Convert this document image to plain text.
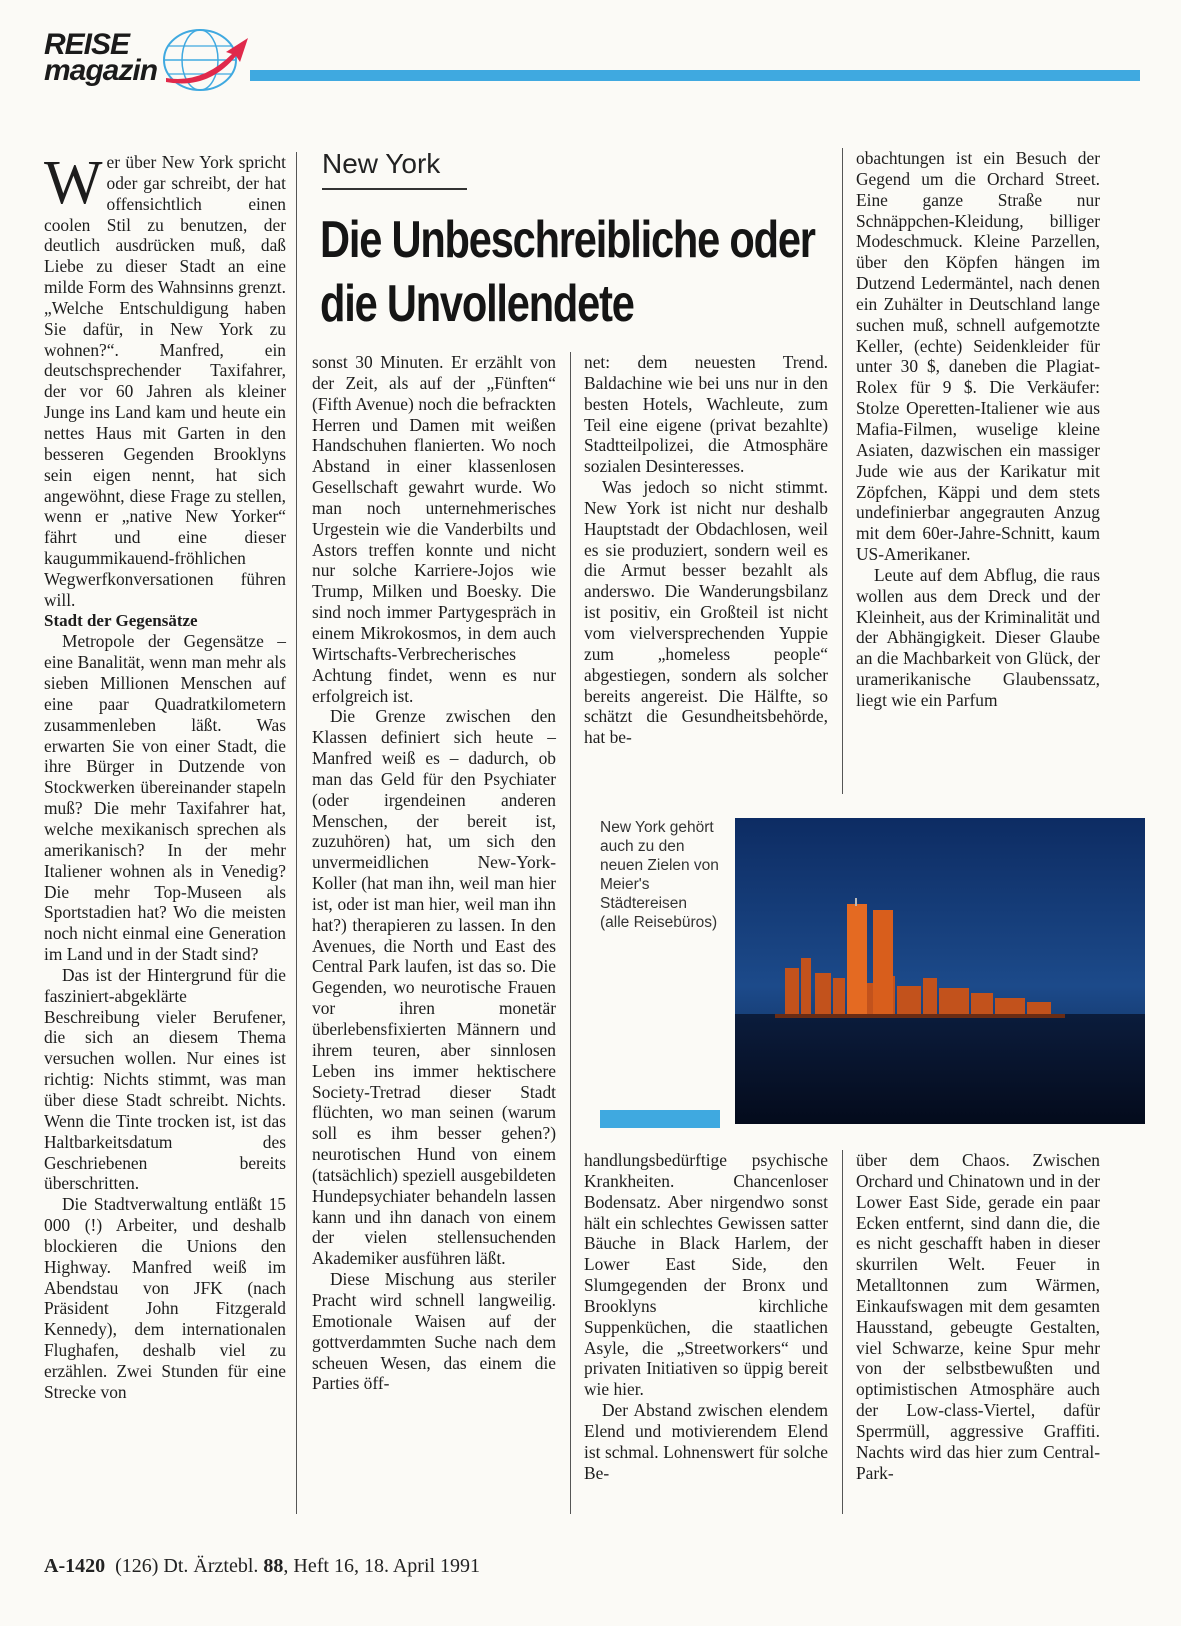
REISE
magazin

Wer über New York spricht oder gar schreibt, der hat offensichtlich einen coolen Stil zu benutzen, der deutlich ausdrücken muß, daß Liebe zu dieser Stadt an eine milde Form des Wahnsinns grenzt. „Welche Entschuldigung haben Sie dafür, in New York zu wohnen?“. Manfred, ein deutschsprechender Taxifahrer, der vor 60 Jahren als kleiner Junge ins Land kam und heute ein nettes Haus mit Garten in den besseren Gegenden Brooklyns sein eigen nennt, hat sich angewöhnt, diese Frage zu stellen, wenn er „native New Yorker“ fährt und eine dieser kaugummikauend-fröhlichen Wegwerfkonversationen führen will.

Stadt der Gegensätze

Metropole der Gegensätze – eine Banalität, wenn man mehr als sieben Millionen Menschen auf eine paar Quadratkilometern zusammenleben läßt. Was erwarten Sie von einer Stadt, die ihre Bürger in Dutzende von Stockwerken übereinander stapeln muß? Die mehr Taxifahrer hat, welche mexikanisch sprechen als amerikanisch? In der mehr Italiener wohnen als in Venedig? Die mehr Top-Museen als Sportstadien hat? Wo die meisten noch nicht einmal eine Generation im Land und in der Stadt sind?

Das ist der Hintergrund für die fasziniert-abgeklärte Beschreibung vieler Berufener, die sich an diesem Thema versuchen wollen. Nur eines ist richtig: Nichts stimmt, was man über diese Stadt schreibt. Nichts. Wenn die Tinte trocken ist, ist das Haltbarkeitsdatum des Geschriebenen bereits überschritten.

Die Stadtverwaltung entläßt 15 000 (!) Arbeiter, und deshalb blockieren die Unions den Highway. Manfred weiß im Abendstau von JFK (nach Präsident John Fitzgerald Kennedy), dem internationalen Flughafen, deshalb viel zu erzählen. Zwei Stunden für eine Strecke von

New York
Die Unbeschreibliche oder die Unvollendete

sonst 30 Minuten. Er erzählt von der Zeit, als auf der „Fünften“ (Fifth Avenue) noch die befrackten Herren und Damen mit weißen Handschuhen flanierten. Wo noch Abstand in einer klassenlosen Gesellschaft gewahrt wurde. Wo man noch unternehmerisches Urgestein wie die Vanderbilts und Astors treffen konnte und nicht nur solche Karriere-Jojos wie Trump, Milken und Boesky. Die sind noch immer Partygespräch in einem Mikrokosmos, in dem auch Wirtschafts-Verbrecherisches Achtung findet, wenn es nur erfolgreich ist.

Die Grenze zwischen den Klassen definiert sich heute – Manfred weiß es – dadurch, ob man das Geld für den Psychiater (oder irgendeinen anderen Menschen, der bereit ist, zuzuhören) hat, um sich den unvermeidlichen New-York-Koller (hat man ihn, weil man hier ist, oder ist man hier, weil man ihn hat?) therapieren zu lassen. In den Avenues, die North und East des Central Park laufen, ist das so. Die Gegenden, wo neurotische Frauen vor ihren monetär überlebensfixierten Männern und ihrem teuren, aber sinnlosen Leben ins immer hektischere Society-Tretrad dieser Stadt flüchten, wo man seinen (warum soll es ihm besser gehen?) neurotischen Hund von einem (tatsächlich) speziell ausgebildeten Hundepsychiater behandeln lassen kann und ihn danach von einem der vielen stellensuchenden Akademiker ausführen läßt.

Diese Mischung aus steriler Pracht wird schnell langweilig. Emotionale Waisen auf der gottverdammten Suche nach dem scheuen Wesen, das einem die Parties öff-

net: dem neuesten Trend. Baldachine wie bei uns nur in den besten Hotels, Wachleute, zum Teil eine eigene (privat bezahlte) Stadtteilpolizei, die Atmosphäre sozialen Desinteresses.

Was jedoch so nicht stimmt. New York ist nicht nur deshalb Hauptstadt der Obdachlosen, weil es sie produziert, sondern weil es die Armut besser bezahlt als anderswo. Die Wanderungsbilanz ist positiv, ein Großteil ist nicht vom vielversprechenden Yuppie zum „homeless people“ abgestiegen, sondern als solcher bereits angereist. Die Hälfte, so schätzt die Gesundheitsbehörde, hat be-

obachtungen ist ein Besuch der Gegend um die Orchard Street. Eine ganze Straße nur Schnäppchen-Kleidung, billiger Modeschmuck. Kleine Parzellen, über den Köpfen hängen im Dutzend Ledermäntel, nach denen ein Zuhälter in Deutschland lange suchen muß, schnell aufgemotzte Keller, (echte) Seidenkleider für unter 30 $, daneben die Plagiat-Rolex für 9 $. Die Verkäufer: Stolze Operetten-Italiener wie aus Mafia-Filmen, wuselige kleine Asiaten, dazwischen ein massiger Jude wie aus der Karikatur mit Zöpfchen, Käppi und dem stets undefinierbar angegrauten Anzug mit dem 60er-Jahre-Schnitt, kaum US-Amerikaner.

Leute auf dem Abflug, die raus wollen aus dem Dreck und der Kleinheit, aus der Kriminalität und der Abhängigkeit. Dieser Glaube an die Machbarkeit von Glück, der uramerikanische Glaubenssatz, liegt wie ein Parfum

New York gehört auch zu den neuen Zielen von Meier's Städtereisen (alle Reisebüros)

handlungsbedürftige psychische Krankheiten. Chancenloser Bodensatz. Aber nirgendwo sonst hält ein schlechtes Gewissen satter Bäuche in Black Harlem, der Lower East Side, den Slumgegenden der Bronx und Brooklyns kirchliche Suppenküchen, die staatlichen Asyle, die „Streetworkers“ und privaten Initiativen so üppig bereit wie hier.

Der Abstand zwischen elendem Elend und motivierendem Elend ist schmal. Lohnenswert für solche Be-

über dem Chaos. Zwischen Orchard und Chinatown und in der Lower East Side, gerade ein paar Ecken entfernt, sind dann die, die es nicht geschafft haben in dieser skurrilen Welt. Feuer in Metalltonnen zum Wärmen, Einkaufswagen mit dem gesamten Hausstand, gebeugte Gestalten, viel Schwarze, keine Spur mehr von der selbstbewußten und optimistischen Atmosphäre auch der Low-class-Viertel, dafür Sperrmüll, aggressive Graffiti. Nachts wird das hier zum Central-Park-

A-1420 (126) Dt. Ärztebl. 88, Heft 16, 18. April 1991
